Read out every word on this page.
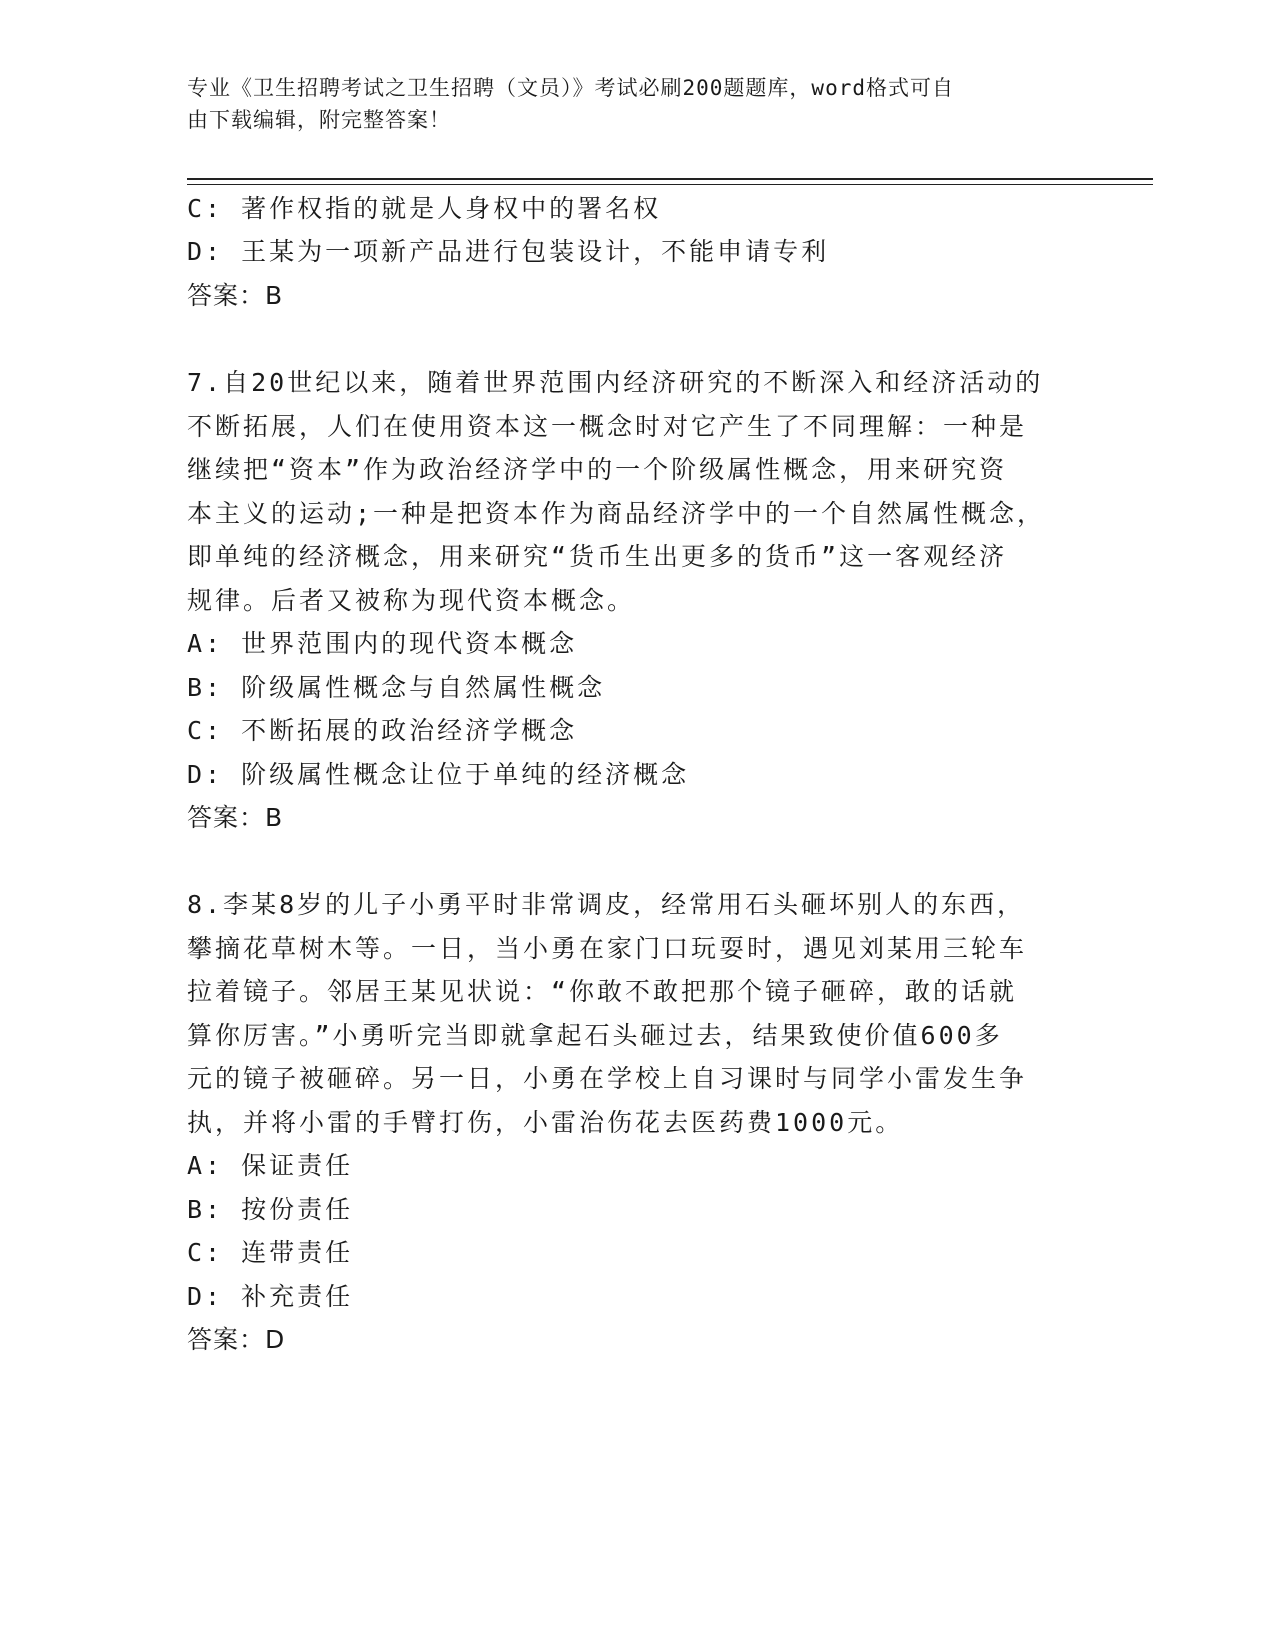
专业《卫生招聘考试之卫生招聘（文员）》考试必刷200题题库，word格式可自
由下载编辑，附完整答案！
C: 著作权指的就是人身权中的署名权
D: 王某为一项新产品进行包装设计，不能申请专利
答案：B
7.自20世纪以来，随着世界范围内经济研究的不断深入和经济活动的
不断拓展，人们在使用资本这一概念时对它产生了不同理解：一种是
继续把“资本”作为政治经济学中的一个阶级属性概念，用来研究资
本主义的运动;一种是把资本作为商品经济学中的一个自然属性概念，
即单纯的经济概念，用来研究“货币生出更多的货币”这一客观经济
规律。后者又被称为现代资本概念。
A: 世界范围内的现代资本概念
B: 阶级属性概念与自然属性概念
C: 不断拓展的政治经济学概念
D: 阶级属性概念让位于单纯的经济概念
答案：B
8.李某8岁的儿子小勇平时非常调皮，经常用石头砸坏别人的东西，
攀摘花草树木等。一日，当小勇在家门口玩耍时，遇见刘某用三轮车
拉着镜子。邻居王某见状说：“你敢不敢把那个镜子砸碎，敢的话就
算你厉害。”小勇听完当即就拿起石头砸过去，结果致使价值600多
元的镜子被砸碎。另一日，小勇在学校上自习课时与同学小雷发生争
执，并将小雷的手臂打伤，小雷治伤花去医药费1000元。
A: 保证责任
B: 按份责任
C: 连带责任
D: 补充责任
答案：D
